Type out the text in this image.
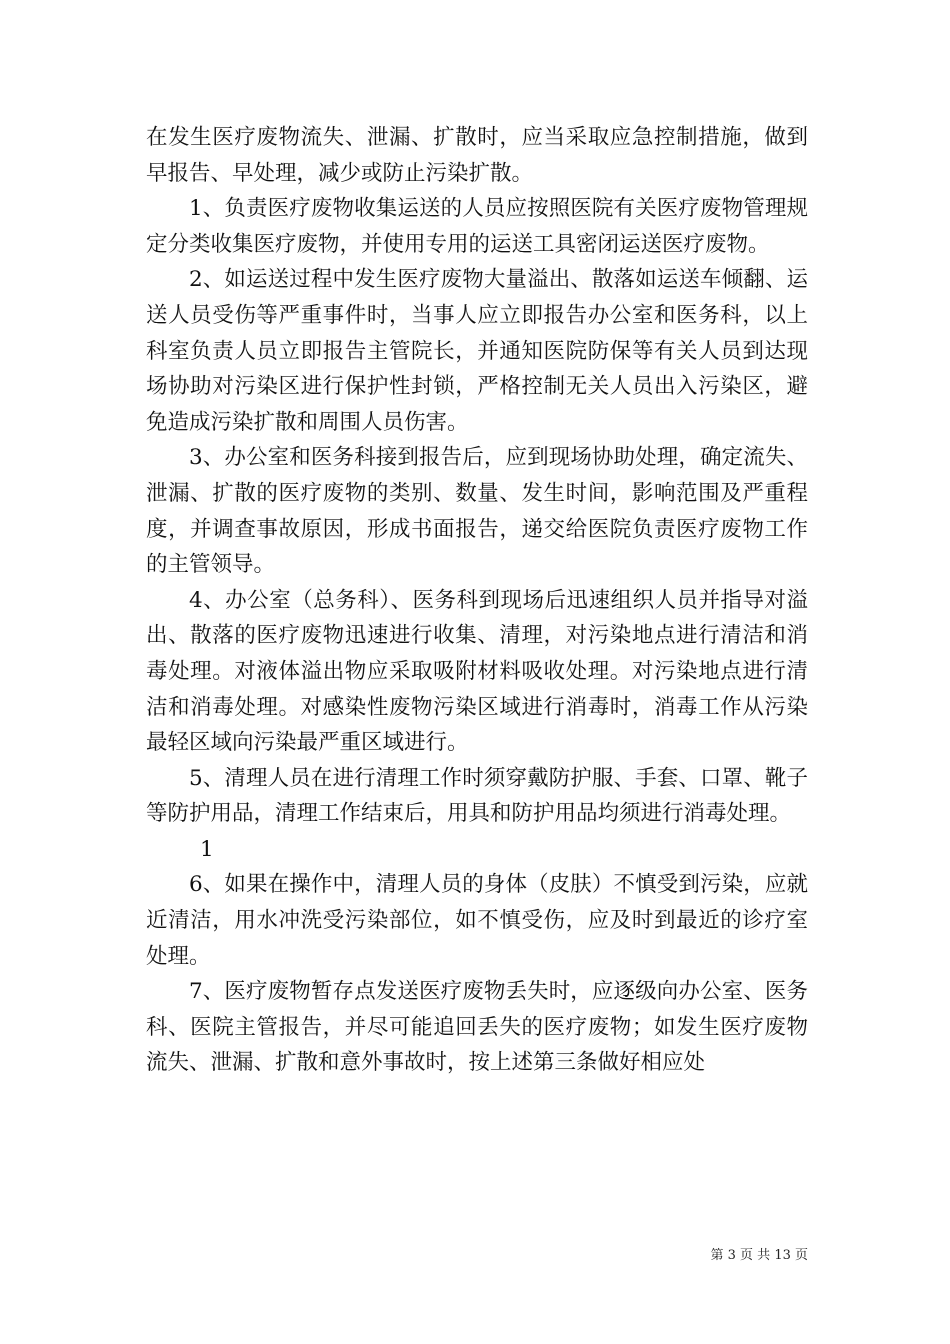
在发生医疗废物流失、泄漏、扩散时，应当采取应急控制措施，做到早报告、早处理，减少或防止污染扩散。

1、负责医疗废物收集运送的人员应按照医院有关医疗废物管理规定分类收集医疗废物，并使用专用的运送工具密闭运送医疗废物。

2、如运送过程中发生医疗废物大量溢出、散落如运送车倾翻、运送人员受伤等严重事件时，当事人应立即报告办公室和医务科，以上科室负责人员立即报告主管院长，并通知医院防保等有关人员到达现场协助对污染区进行保护性封锁，严格控制无关人员出入污染区，避免造成污染扩散和周围人员伤害。

3、办公室和医务科接到报告后，应到现场协助处理，确定流失、泄漏、扩散的医疗废物的类别、数量、发生时间，影响范围及严重程度，并调查事故原因，形成书面报告，递交给医院负责医疗废物工作的主管领导。

4、办公室（总务科）、医务科到现场后迅速组织人员并指导对溢出、散落的医疗废物迅速进行收集、清理，对污染地点进行清洁和消毒处理。对液体溢出物应采取吸附材料吸收处理。对污染地点进行清洁和消毒处理。对感染性废物污染区域进行消毒时，消毒工作从污染最轻区域向污染最严重区域进行。

5、清理人员在进行清理工作时须穿戴防护服、手套、口罩、靴子等防护用品，清理工作结束后，用具和防护用品均须进行消毒处理。

1

6、如果在操作中，清理人员的身体（皮肤）不慎受到污染，应就近清洁，用水冲洗受污染部位，如不慎受伤，应及时到最近的诊疗室处理。

7、医疗废物暂存点发送医疗废物丢失时，应逐级向办公室、医务科、医院主管报告，并尽可能追回丢失的医疗废物；如发生医疗废物流失、泄漏、扩散和意外事故时，按上述第三条做好相应处

第 3 页 共 13 页
